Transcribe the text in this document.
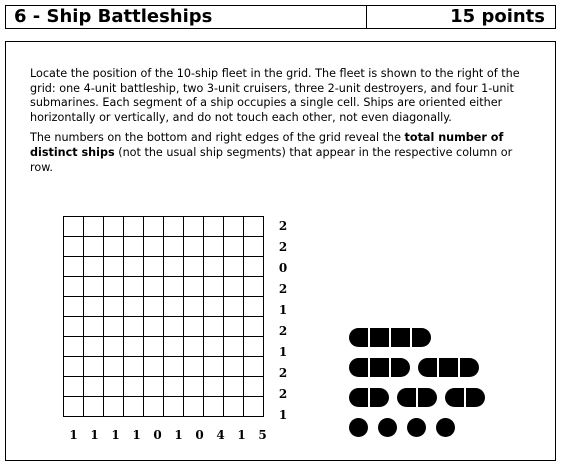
6 - Ship Battleships	15 points

Locate the position of the 10-ship fleet in the grid. The fleet is shown to the right of the grid: one 4-unit battleship, two 3-unit cruisers, three 2-unit destroyers, and four 1-unit submarines. Each segment of a ship occupies a single cell. Ships are oriented either horizontally or vertically, and do not touch each other, not even diagonally.

The numbers on the bottom and right edges of the grid reveal the total number of distinct ships (not the usual ship segments) that appear in the respective column or row.

1	1	1	1	0	1	0	4	1	5
2
2
0
2
1
2
1
2
2
1
